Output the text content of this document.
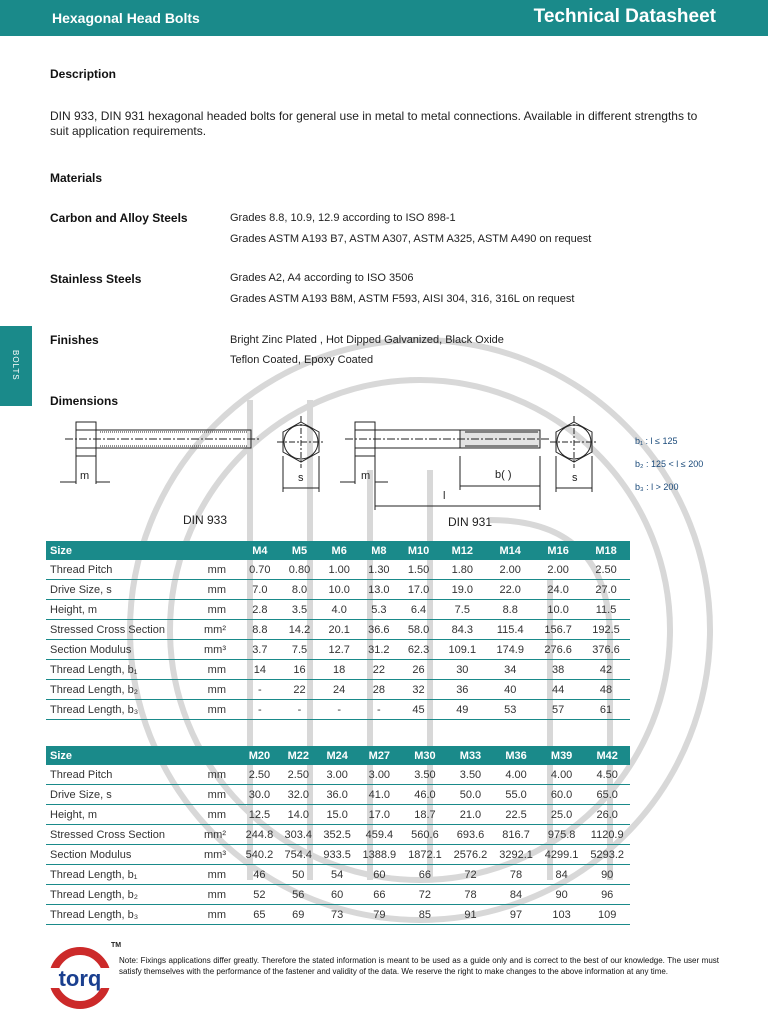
Hexagonal Head Bolts	Technical Datasheet
BOLTS
Description
DIN 933, DIN 931 hexagonal headed bolts for general use in metal to metal connections. Available in different strengths to suit application requirements.
Materials
Carbon and Alloy Steels	Grades 8.8, 10.9, 12.9 according to ISO 898-1
Grades ASTM A193 B7, ASTM A307, ASTM A325, ASTM A490 on request
Stainless Steels	Grades A2, A4 according to ISO 3506
Grades ASTM A193 B8M, ASTM F593, AISI 304, 316, 316L on request
Finishes	Bright Zinc Plated , Hot Dipped Galvanized, Black Oxide
Teflon Coated, Epoxy Coated
Dimensions
m	s	m
l
b( )	s
DIN 933	DIN 931
b₁ : l ≤ 125
b₂ : 125 < l ≤ 200
b₃ : l > 200
Size		M4	M5	M6	M8	M10	M12	M14	M16	M18
Thread Pitch	mm	0.70	0.80	1.00	1.30	1.50	1.80	2.00	2.00	2.50
Drive Size, s	mm	7.0	8.0	10.0	13.0	17.0	19.0	22.0	24.0	27.0
Height, m	mm	2.8	3.5	4.0	5.3	6.4	7.5	8.8	10.0	11.5
Stressed Cross Section	mm²	8.8	14.2	20.1	36.6	58.0	84.3	115.4	156.7	192.5
Section Modulus	mm³	3.7	7.5	12.7	31.2	62.3	109.1	174.9	276.6	376.6
Thread Length, b₁	mm	14	16	18	22	26	30	34	38	42
Thread Length, b₂	mm	-	22	24	28	32	36	40	44	48
Thread Length, b₃	mm	-	-	-	-	45	49	53	57	61
Size		M20	M22	M24	M27	M30	M33	M36	M39	M42
Thread Pitch	mm	2.50	2.50	3.00	3.00	3.50	3.50	4.00	4.00	4.50
Drive Size, s	mm	30.0	32.0	36.0	41.0	46.0	50.0	55.0	60.0	65.0
Height, m	mm	12.5	14.0	15.0	17.0	18.7	21.0	22.5	25.0	26.0
Stressed Cross Section	mm²	244.8	303.4	352.5	459.4	560.6	693.6	816.7	975.8	1120.9
Section Modulus	mm³	540.2	754.4	933.5	1388.9	1872.1	2576.2	3292.1	4299.1	5293.2
Thread Length, b₁	mm	46	50	54	60	66	72	78	84	90
Thread Length, b₂	mm	52	56	60	66	72	78	84	90	96
Thread Length, b₃	mm	65	69	73	79	85	91	97	103	109
torq
TM
Note: Fixings applications differ greatly. Therefore the stated information is meant to be used as a guide only and is correct to the best of our knowledge. The user must satisfy themselves with the performance of the fastener and validity of the data. We reserve the right to make changes to the above information at any time.
